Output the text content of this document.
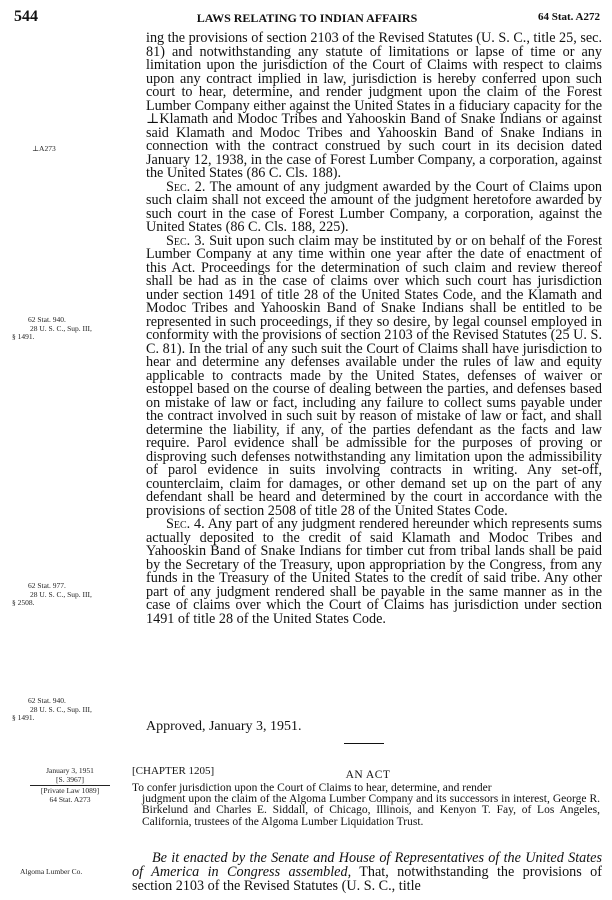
544	LAWS RELATING TO INDIAN AFFAIRS	64 Stat. A272
⊥A273
62 Stat. 940.
28 U. S. C., Sup. III,
§ 1491.
62 Stat. 977.
28 U. S. C., Sup. III,
§ 2508.
62 Stat. 940.
28 U. S. C., Sup. III,
§ 1491.
January 3, 1951
[S. 3967]
[Private Law 1089]
64 Stat. A273
Algoma Lumber Co.

ing the provisions of section 2103 of the Revised Statutes (U. S. C., title 25, sec. 81) and notwithstanding any statute of limitations or lapse of time or any limitation upon the jurisdiction of the Court of Claims with respect to claims upon any contract implied in law, jurisdiction is hereby conferred upon such court to hear, determine, and render judgment upon the claim of the Forest Lumber Company either against the United States in a fiduciary capacity for the ⊥Klamath and Modoc Tribes and Yahooskin Band of Snake Indians or against said Klamath and Modoc Tribes and Yahooskin Band of Snake Indians in connection with the contract construed by such court in its decision dated January 12, 1938, in the case of Forest Lumber Company, a corporation, against the United States (86 C. Cls. 188).

Sec. 2. The amount of any judgment awarded by the Court of Claims upon such claim shall not exceed the amount of the judgment heretofore awarded by such court in the case of Forest Lumber Company, a corporation, against the United States (86 C. Cls. 188, 225).

Sec. 3. Suit upon such claim may be instituted by or on behalf of the Forest Lumber Company at any time within one year after the date of enactment of this Act. Proceedings for the determination of such claim and review thereof shall be had as in the case of claims over which such court has jurisdiction under section 1491 of title 28 of the United States Code, and the Klamath and Modoc Tribes and Yahooskin Band of Snake Indians shall be entitled to be represented in such proceedings, if they so desire, by legal counsel employed in conformity with the provisions of section 2103 of the Revised Statutes (25 U. S. C. 81). In the trial of any such suit the Court of Claims shall have jurisdiction to hear and determine any defenses available under the rules of law and equity applicable to contracts made by the United States, defenses of waiver or estoppel based on the course of dealing between the parties, and defenses based on mistake of law or fact, including any failure to collect sums payable under the contract involved in such suit by reason of mistake of law or fact, and shall determine the liability, if any, of the parties defendant as the facts and law require. Parol evidence shall be admissible for the purposes of proving or disproving such defenses notwithstanding any limitation upon the admissibility of parol evidence in suits involving contracts in writing. Any set-off, counterclaim, claim for damages, or other demand set up on the part of any defendant shall be heard and determined by the court in accordance with the provisions of section 2508 of title 28 of the United States Code.

Sec. 4. Any part of any judgment rendered hereunder which represents sums actually deposited to the credit of said Klamath and Modoc Tribes and Yahooskin Band of Snake Indians for timber cut from tribal lands shall be paid by the Secretary of the Treasury, upon appropriation by the Congress, from any funds in the Treasury of the United States to the credit of said tribe. Any other part of any judgment rendered shall be payable in the same manner as in the case of claims over which the Court of Claims has jurisdiction under section 1491 of title 28 of the United States Code.

Approved, January 3, 1951.
[CHAPTER 1205]	AN ACT
To confer jurisdiction upon the Court of Claims to hear, determine, and render
judgment upon the claim of the Algoma Lumber Company and its successors in interest, George R. Birkelund and Charles E. Siddall, of Chicago, Illinois, and Kenyon T. Fay, of Los Angeles, California, trustees of the Algoma Lumber Liquidation Trust.
Be it enacted by the Senate and House of Representatives of the United States of America in Congress assembled, That, notwithstanding the provisions of section 2103 of the Revised Statutes (U. S. C., title
